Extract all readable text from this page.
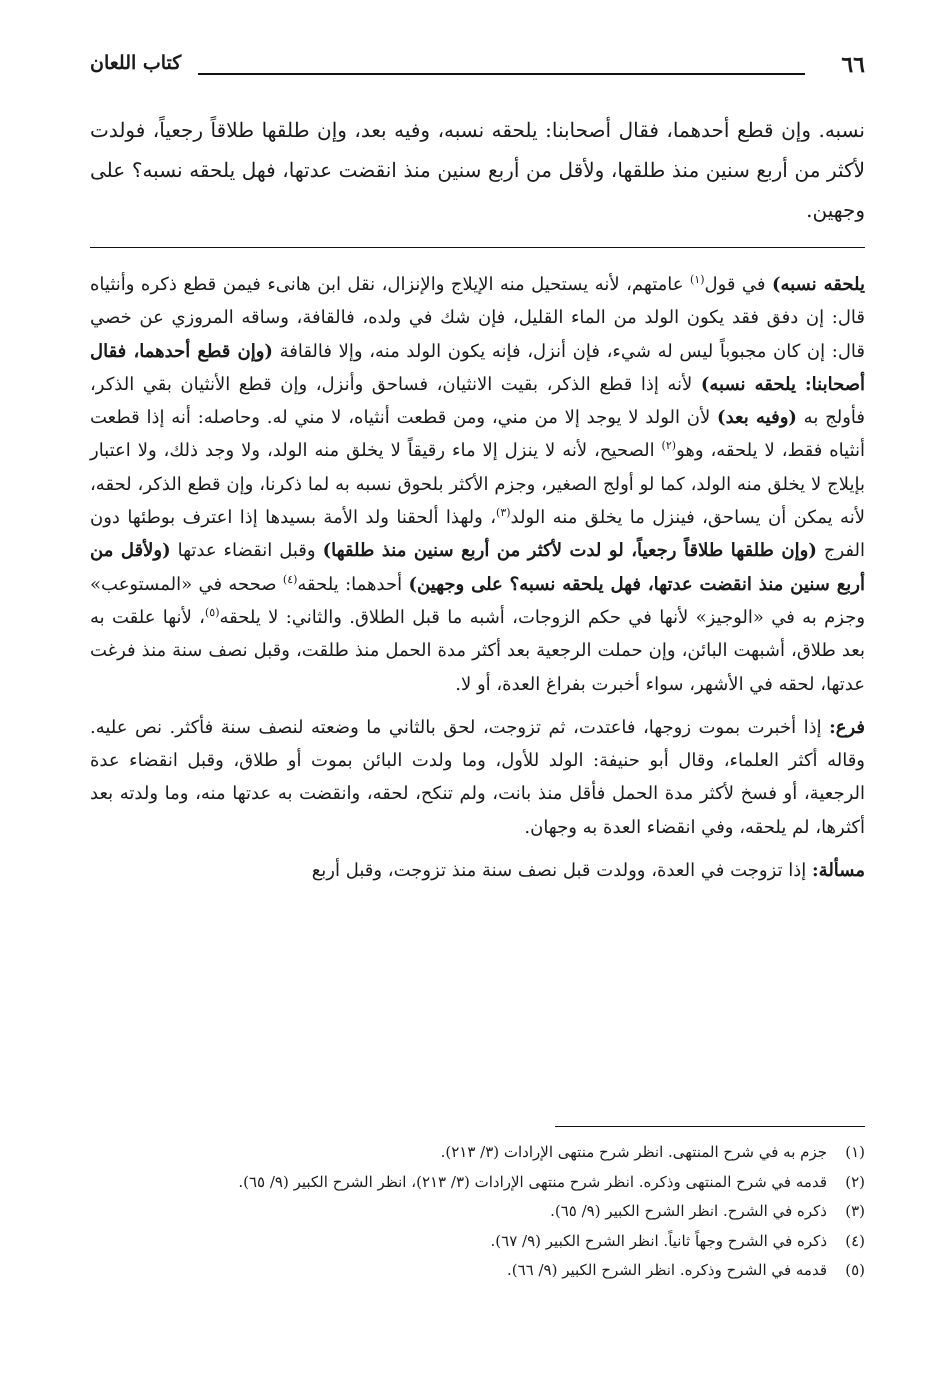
٦٦
كتاب اللعان
نسبه. وإن قطع أحدهما، فقال أصحابنا: يلحقه نسبه، وفيه بعد، وإن طلقها طلاقاً رجعياً، فولدت لأكثر من أربع سنين منذ طلقها، ولأقل من أربع سنين منذ انقضت عدتها، فهل يلحقه نسبه؟ على وجهين.

يلحقه نسبه) في قول$^{(١)}$ عامتهم، لأنه يستحيل منه الإيلاج والإنزال، نقل ابن هانىء فيمن قطع ذكره وأنثياه قال: إن دفق فقد يكون الولد من الماء القليل، فإن شك في ولده، فالقافة، وساقه المروزي عن خصي قال: إن كان مجبوباً ليس له شيء، فإن أنزل، فإنه يكون الولد منه، وإلا فالقافة (وإن قطع أحدهما، فقال أصحابنا: يلحقه نسبه) لأنه إذا قطع الذكر، بقيت الانثيان، فساحق وأنزل، وإن قطع الأنثيان بقي الذكر، فأولج به (وفيه بعد) لأن الولد لا يوجد إلا من مني، ومن قطعت أنثياه، لا مني له. وحاصله: أنه إذا قطعت أنثياه فقط، لا يلحقه، وهو$^{(٢)}$ الصحيح، لأنه لا ينزل إلا ماء رقيقاً لا يخلق منه الولد، ولا وجد ذلك، ولا اعتبار بإيلاج لا يخلق منه الولد، كما لو أولج الصغير، وجزم الأكثر بلحوق نسبه به لما ذكرنا، وإن قطع الذكر، لحقه، لأنه يمكن أن يساحق، فينزل ما يخلق منه الولد$^{(٣)}$، ولهذا ألحقنا ولد الأمة بسيدها إذا اعترف بوطئها دون الفرج (وإن طلقها طلاقاً رجعياً، لو لدت لأكثر من أربع سنين منذ طلقها) وقبل انقضاء عدتها (ولأقل من أربع سنين منذ انقضت عدتها، فهل يلحقه نسبه؟ على وجهين) أحدهما: يلحقه$^{(٤)}$ صححه في «المستوعب» وجزم به في «الوجيز» لأنها في حكم الزوجات، أشبه ما قبل الطلاق. والثاني: لا يلحقه$^{(٥)}$، لأنها علقت به بعد طلاق، أشبهت البائن، وإن حملت الرجعية بعد أكثر مدة الحمل منذ طلقت، وقبل نصف سنة منذ فرغت عدتها، لحقه في الأشهر، سواء أخبرت بفراغ العدة، أو لا.

فرع: إذا أخبرت بموت زوجها، فاعتدت، ثم تزوجت، لحق بالثاني ما وضعته لنصف سنة فأكثر. نص عليه. وقاله أكثر العلماء، وقال أبو حنيفة: الولد للأول، وما ولدت البائن بموت أو طلاق، وقبل انقضاء عدة الرجعية، أو فسخ لأكثر مدة الحمل فأقل منذ بانت، ولم تنكح، لحقه، وانقضت به عدتها منه، وما ولدته بعد أكثرها، لم يلحقه، وفي انقضاء العدة به وجهان.

مسألة: إذا تزوجت في العدة، وولدت قبل نصف سنة منذ تزوجت، وقبل أربع

(١)
جزم به في شرح المنتهى. انظر شرح منتهى الإرادات (٣/ ٢١٣).
(٢)
قدمه في شرح المنتهى وذكره. انظر شرح منتهى الإرادات (٣/ ٢١٣)، انظر الشرح الكبير (٩/ ٦٥).
(٣)
ذكره في الشرح. انظر الشرح الكبير (٩/ ٦٥).
(٤)
ذكره في الشرح وجهاً ثانياً. انظر الشرح الكبير (٩/ ٦٧).
(٥)
قدمه في الشرح وذكره. انظر الشرح الكبير (٩/ ٦٦).
